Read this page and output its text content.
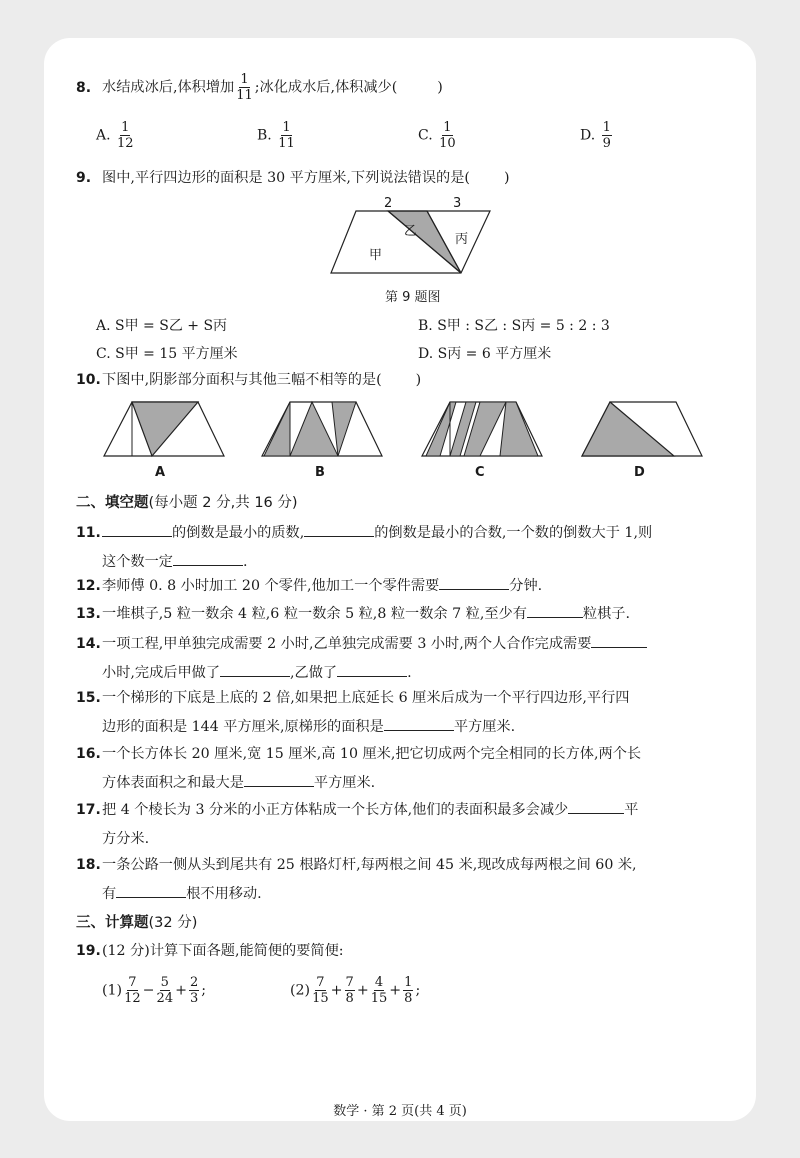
8. 水结成冰后,体积增加 $\frac{1}{11}$ ;冰化成水后,体积减少(	)
A. $\frac{1}{12}$	B. $\frac{1}{11}$	C. $\frac{1}{10}$	D. $\frac{1}{9}$
9. 图中,平行四边形的面积是 30 平方厘米,下列说法错误的是( )
2	3
甲
乙
丙
第 9 题图
A. S甲 = S乙 + S丙	B. S甲 : S乙 : S丙 = 5 : 2 : 3
C. S甲 = 15 平方厘米	D. S丙 = 6 平方厘米
10.下图中,阴影部分面积与其他三幅不相等的是( )
A	B	C	D
二、填空题(每小题 2 分,共 16 分)
11.	的倒数是最小的质数,	的倒数是最小的合数,一个数的倒数大于 1,则
这个数一定	.
12.李师傅 0. 8 小时加工 20 个零件,他加工一个零件需要	分钟.
13.一堆棋子,5 粒一数余 4 粒,6 粒一数余 5 粒,8 粒一数余 7 粒,至少有	粒棋子.
14.一项工程,甲单独完成需要 2 小时,乙单独完成需要 3 小时,两个人合作完成需要
小时,完成后甲做了	,乙做了	.
15.一个梯形的下底是上底的 2 倍,如果把上底延长 6 厘米后成为一个平行四边形,平行四
边形的面积是 144 平方厘米,原梯形的面积是	平方厘米.
16.一个长方体长 20 厘米,宽 15 厘米,高 10 厘米,把它切成两个完全相同的长方体,两个长
方体表面积之和最大是	平方厘米.
17.把 4 个棱长为 3 分米的小正方体粘成一个长方体,他们的表面积最多会减少	平
方分米.
18.一条公路一侧从头到尾共有 25 根路灯杆,每两根之间 45 米,现改成每两根之间 60 米,
有	根不用移动.
三、计算题(32 分)
19.(12 分)计算下面各题,能简便的要简便:
$(1) \frac{7}{12} - \frac{5}{24} + \frac{2}{3}$ ;	$(2) \frac{7}{15} + \frac{7}{8} + \frac{4}{15} + \frac{1}{8}$ ;
数学 · 第 2 页(共 4 页)
